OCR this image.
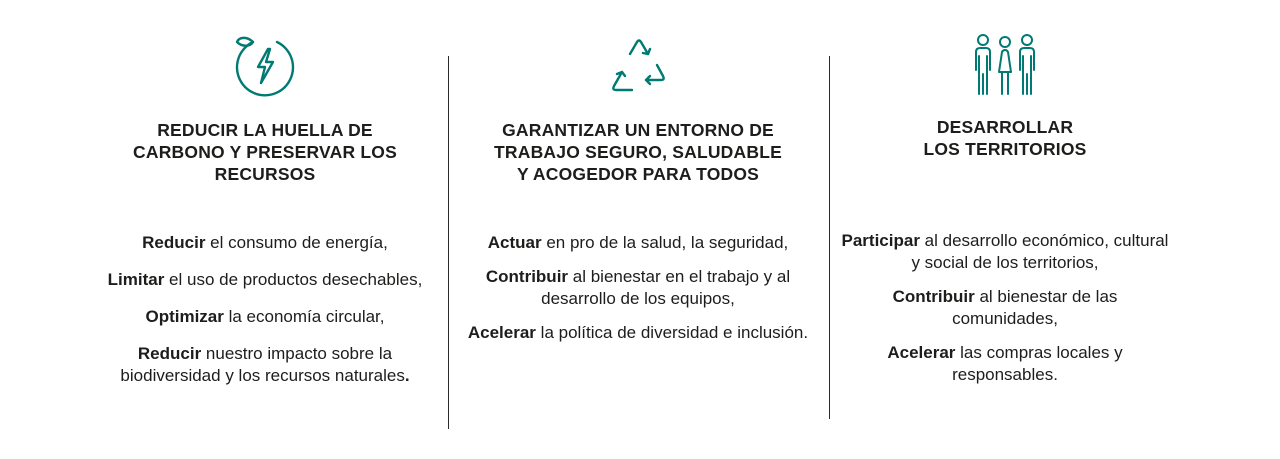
REDUCIR LA HUELLA DE
CARBONO Y PRESERVAR LOS
RECURSOS
Reducir el consumo de energía,
Limitar el uso de productos desechables,
Optimizar la economía circular,
Reducir nuestro impacto sobre la biodiversidad y los recursos naturales.
GARANTIZAR UN ENTORNO DE
TRABAJO SEGURO, SALUDABLE
Y ACOGEDOR PARA TODOS
Actuar en pro de la salud, la seguridad,
Contribuir al bienestar en el trabajo y al desarrollo de los equipos,
Acelerar la política de diversidad e inclusión.
DESARROLLAR
LOS TERRITORIOS
Participar al desarrollo económico, cultural y social de los territorios,
Contribuir al bienestar de las comunidades,
Acelerar las compras locales y responsables.
